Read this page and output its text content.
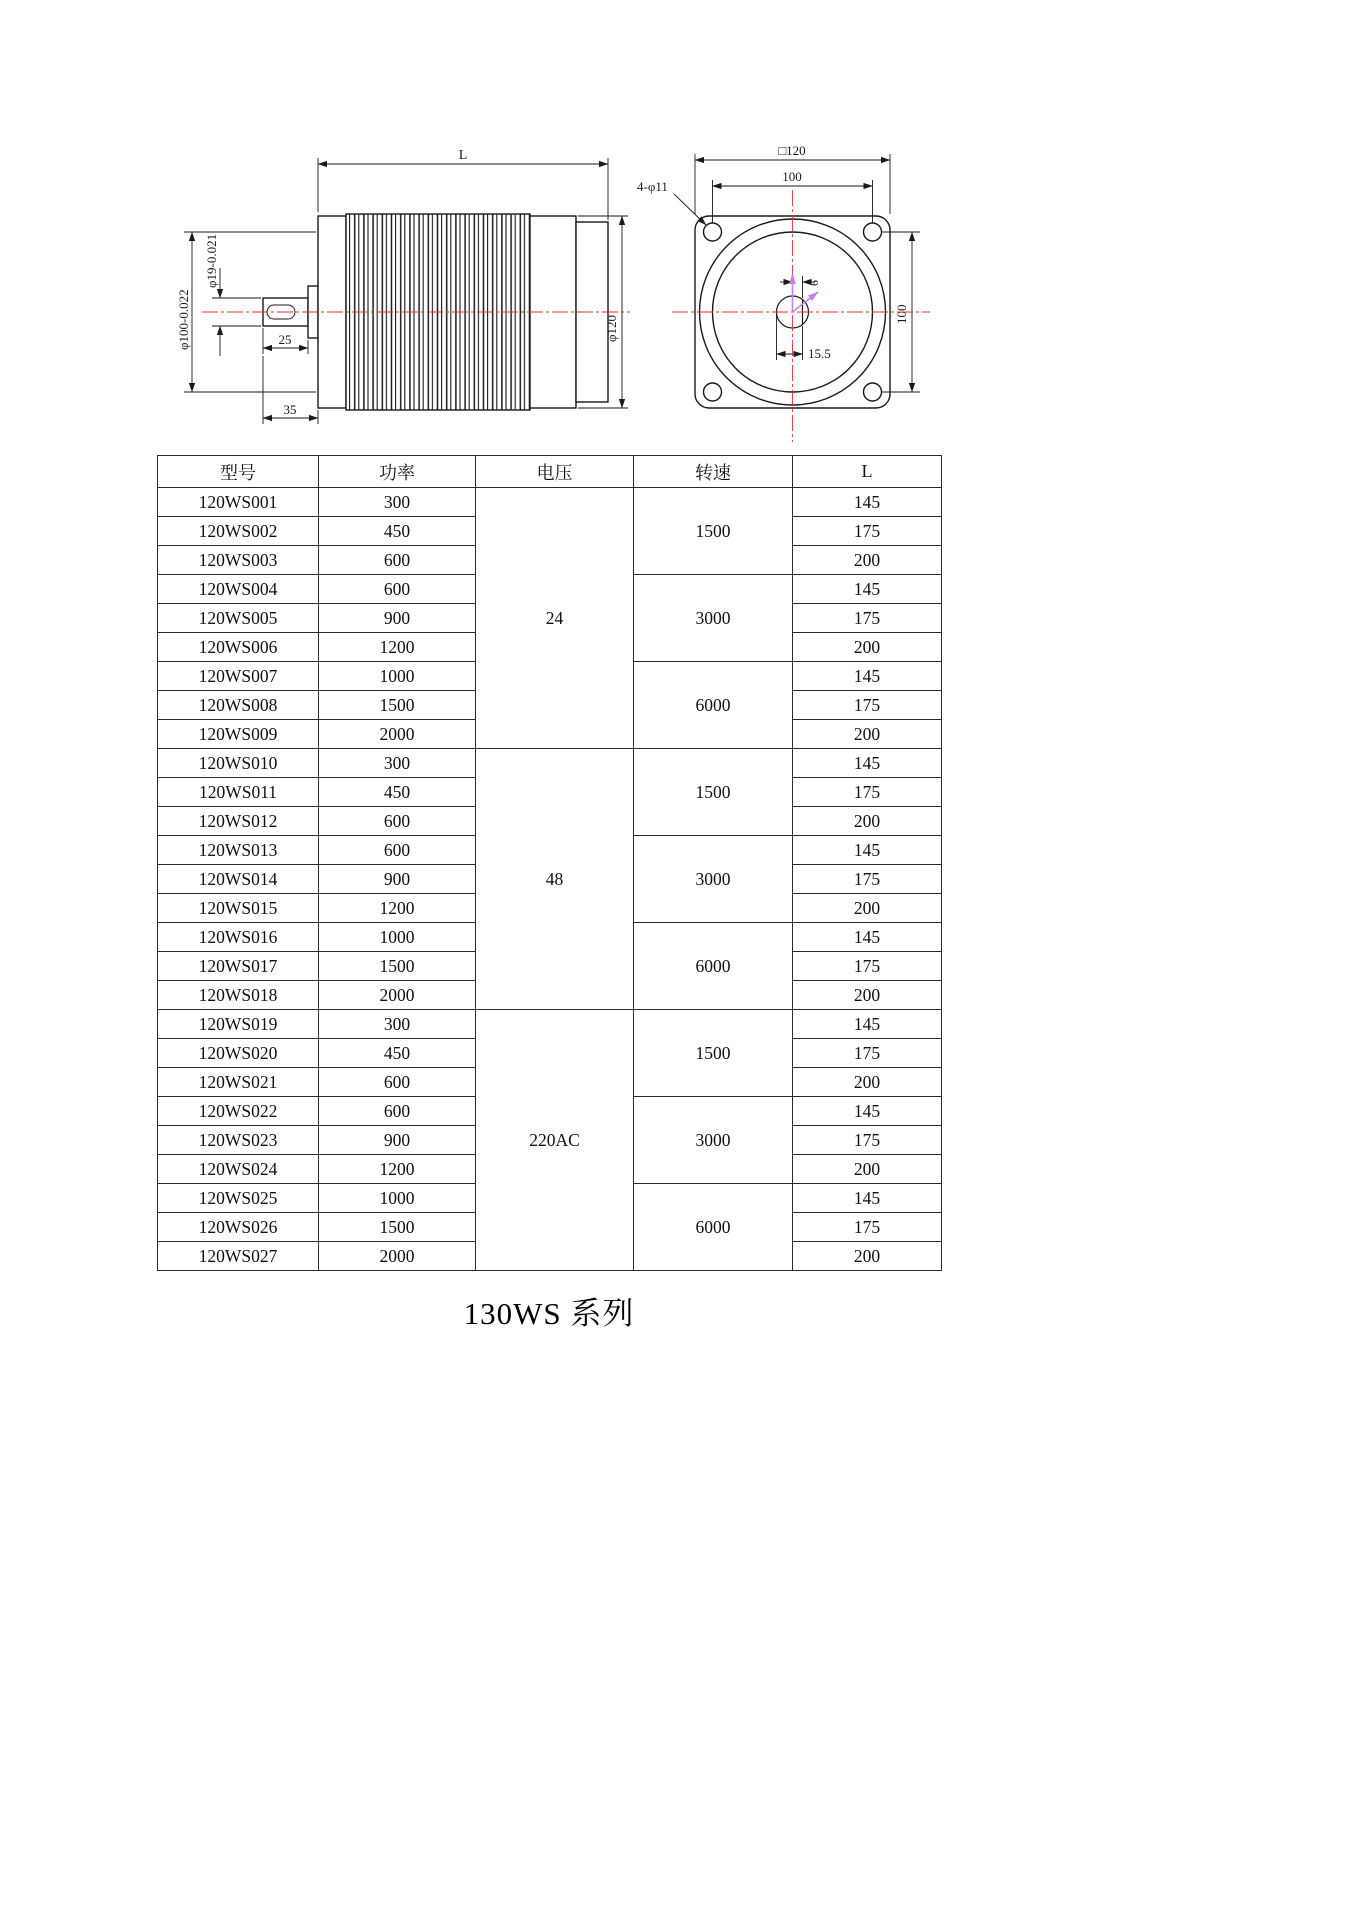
L
φ19-0.021
φ100-0.022	25
35
φ120
□120
100
4-φ11
6
15.5
100
型号	功率	电压	转速	L
120WS001	300	24	1500	145
120WS002	450			175
120WS003	600			200
120WS004	600		3000	145
120WS005	900			175
120WS006	1200			200
120WS007	1000		6000	145
120WS008	1500			175
120WS009	2000			200
120WS010	300	48	1500	145
120WS011	450			175
120WS012	600			200
120WS013	600		3000	145
120WS014	900			175
120WS015	1200			200
120WS016	1000		6000	145
120WS017	1500			175
120WS018	2000			200
120WS019	300	220AC	1500	145
120WS020	450			175
120WS021	600			200
120WS022	600		3000	145
120WS023	900			175
120WS024	1200			200
120WS025	1000		6000	145
120WS026	1500			175
120WS027	2000			200
130WS 系列
